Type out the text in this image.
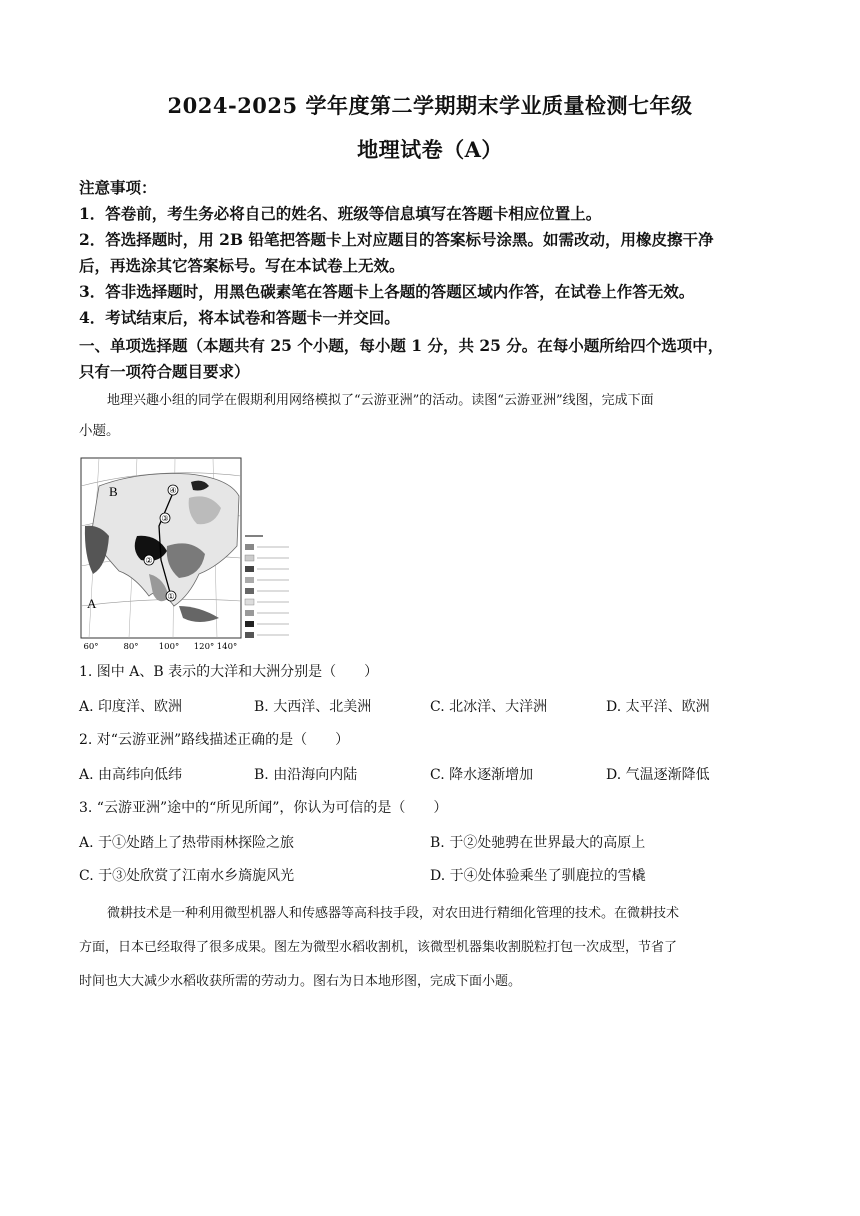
2024-2025 学年度第二学期期末学业质量检测七年级
地理试卷（A）
注意事项：
1．答卷前，考生务必将自己的姓名、班级等信息填写在答题卡相应位置上。
2．答选择题时，用 2B 铅笔把答题卡上对应题目的答案标号涂黑。如需改动，用橡皮擦干净
后，再选涂其它答案标号。写在本试卷上无效。
3．答非选择题时，用黑色碳素笔在答题卡上各题的答题区域内作答，在试卷上作答无效。
4．考试结束后，将本试卷和答题卡一并交回。
一、单项选择题（本题共有 25 个小题，每小题 1 分，共 25 分。在每小题所给四个选项中，
只有一项符合题目要求）
地理兴趣小组的同学在假期利用网络模拟了“云游亚洲”的活动。读图“云游亚洲”线图，完成下面
小题。
①
②
③
④
A
B
60°	80° 100° 120° 140°
1. 图中 A、B 表示的大洋和大洲分别是（　　）
A. 印度洋、欧洲	B. 大西洋、北美洲	C. 北冰洋、大洋洲	D. 太平洋、欧洲
2. 对“云游亚洲”路线描述正确的是（　　）
A. 由高纬向低纬	B. 由沿海向内陆	C. 降水逐渐增加	D. 气温逐渐降低
3. “云游亚洲”途中的“所见所闻”，你认为可信的是（　　）
A. 于①处踏上了热带雨林探险之旅	B. 于②处驰骋在世界最大的高原上
C. 于③处欣赏了江南水乡旖旎风光	D. 于④处体验乘坐了驯鹿拉的雪橇
微耕技术是一种利用微型机器人和传感器等高科技手段，对农田进行精细化管理的技术。在微耕技术
方面，日本已经取得了很多成果。图左为微型水稻收割机，该微型机器集收割脱粒打包一次成型，节省了
时间也大大减少水稻收获所需的劳动力。图右为日本地形图，完成下面小题。
